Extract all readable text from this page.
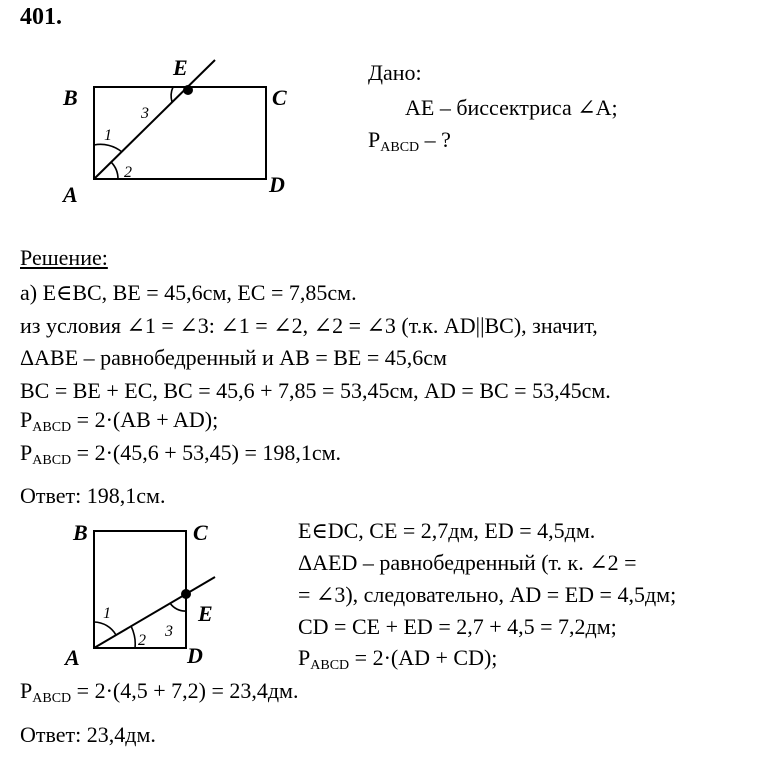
401.
B	C
A	D
E
1
2
3
Дано:
AE – биссектриса ∠A;
$P_{ABCD}$ – ?
Решение:
а) E∈BC, BE = 45,6см, EC = 7,85см.
из условия ∠1 = ∠3: ∠1 = ∠2, ∠2 = ∠3 (т.к. AD||BC), значит,
ΔABE – равнобедренный и AB = BE = 45,6см
BC = BE + EC, BC = 45,6 + 7,85 = 53,45см, AD = BC = 53,45см.
$P_{ABCD} = 2\cdot(AB + AD)$;
$P_{ABCD} = 2\cdot(45,6 + 53,45) = 198,1см$.
Ответ: 198,1см.
B	C
A	D
E
1
2
3
E∈DC, CE = 2,7дм, ED = 4,5дм.
ΔAED – равнобедренный (т. к. ∠2 =
= ∠3), следовательно, AD = ED = 4,5дм;
CD = CE + ED = 2,7 + 4,5 = 7,2дм;
$P_{ABCD} = 2\cdot(AD + CD)$;
$P_{ABCD} = 2\cdot(4,5 + 7,2) = 23,4дм$.
Ответ: 23,4дм.
